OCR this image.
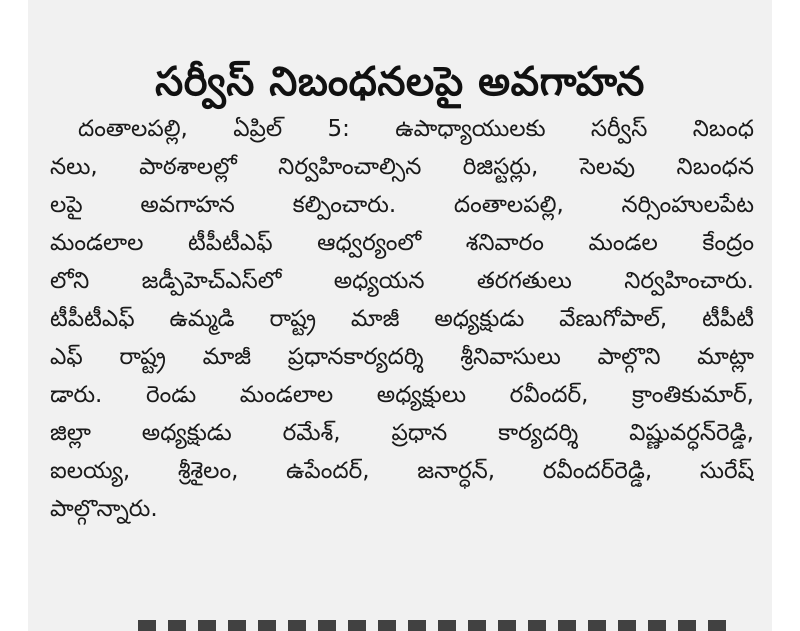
సర్వీస్ నిబంధనలపై అవగాహన
దంతాలపల్లి, ఏప్రిల్ 5: ఉపాధ్యాయులకు సర్వీస్ నిబంధ
నలు, పాఠశాలల్లో నిర్వహించాల్సిన రిజిస్టర్లు, సెలవు నిబంధన
లపై అవగాహన కల్పించారు. దంతాలపల్లి, నర్సింహులపేట
మండలాల టీపీటీఎఫ్ ఆధ్వర్యంలో శనివారం మండల కేంద్రం
లోని జడ్పీహెచ్ఎస్‌లో అధ్యయన తరగతులు నిర్వహించారు.
టీపీటీఎఫ్ ఉమ్మడి రాష్ట్ర మాజీ అధ్యక్షుడు వేణుగోపాల్, టీపీటీ
ఎఫ్ రాష్ట్ర మాజీ ప్రధానకార్యదర్శి శ్రీనివాసులు పాల్గొని మాట్లా
డారు. రెండు మండలాల అధ్యక్షులు రవీందర్, క్రాంతికుమార్,
జిల్లా అధ్యక్షుడు రమేశ్, ప్రధాన కార్యదర్శి విష్ణువర్ధన్‌రెడ్డి,
ఐలయ్య, శ్రీశైలం, ఉపేందర్, జనార్ధన్, రవీందర్‌రెడ్డి, సురేష్
పాల్గొన్నారు.
